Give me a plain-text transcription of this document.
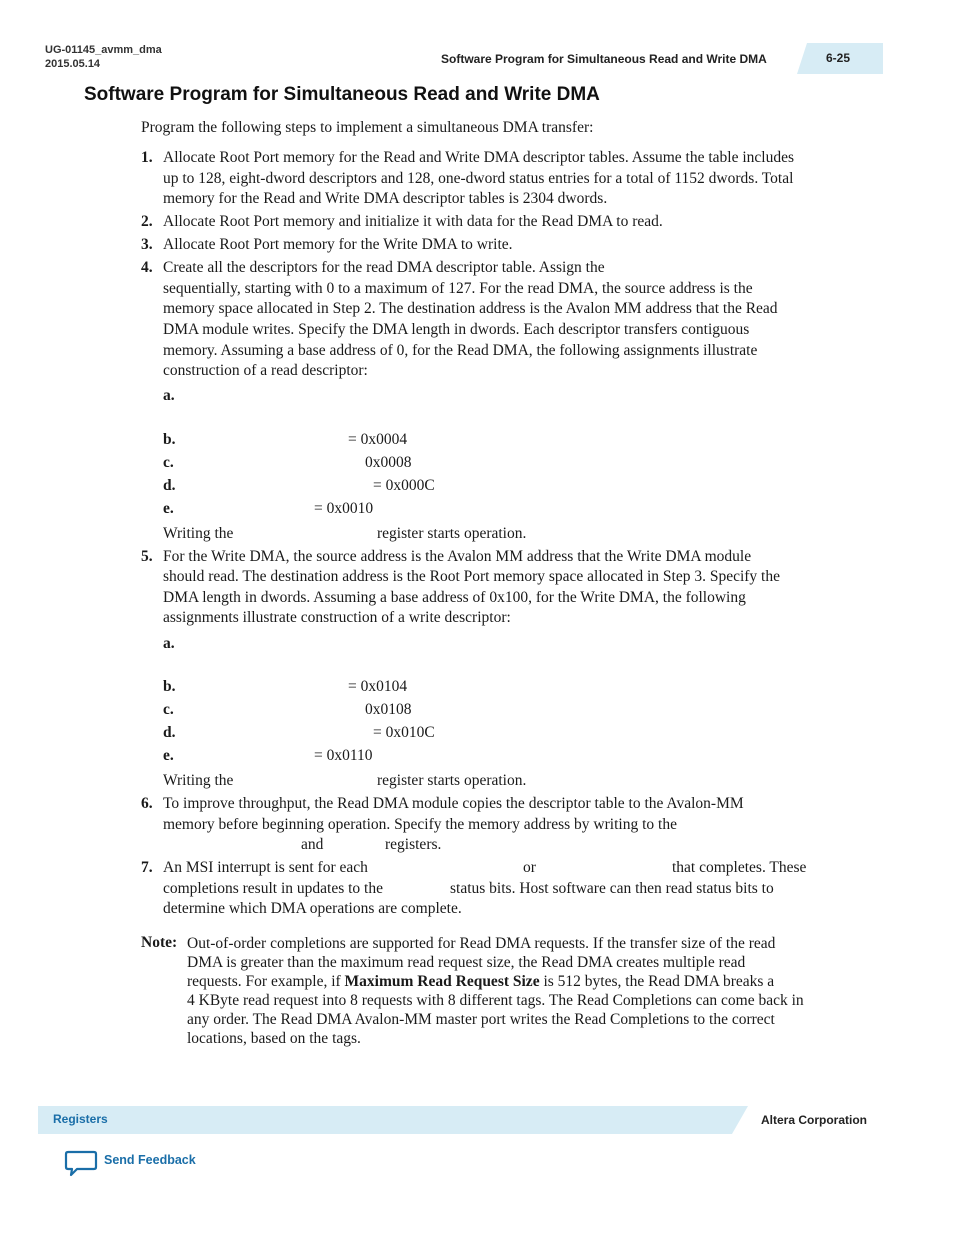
UG-01145_avmm_dma
2015.05.14	Software Program for Simultaneous Read and Write DMA	6-25
Software Program for Simultaneous Read and Write DMA
Program the following steps to implement a simultaneous DMA transfer:
1. Allocate Root Port memory for the Read and Write DMA descriptor tables. Assume the table includes
up to 128, eight-dword descriptors and 128, one-dword status entries for a total of 1152 dwords. Total
memory for the Read and Write DMA descriptor tables is 2304 dwords.
2. Allocate Root Port memory and initialize it with data for the Read DMA to read.
3. Allocate Root Port memory for the Write DMA to write.
4. Create all the descriptors for the read DMA descriptor table. Assign the
sequentially, starting with 0 to a maximum of 127. For the read DMA, the source address is the
memory space allocated in Step 2. The destination address is the Avalon MM address that the Read
DMA module writes. Specify the DMA length in dwords. Each descriptor transfers contiguous
memory. Assuming a base address of 0, for the Read DMA, the following assignments illustrate
construction of a read descriptor:
a.
b.	= 0x0004
c.	0x0008
d.	= 0x000C
e.	= 0x0010
Writing the	register starts operation.
5. For the Write DMA, the source address is the Avalon MM address that the Write DMA module
should read. The destination address is the Root Port memory space allocated in Step 3. Specify the
DMA length in dwords. Assuming a base address of 0x100, for the Write DMA, the following
assignments illustrate construction of a write descriptor:
a.
b.	= 0x0104
c.	0x0108
d.	= 0x010C
e.	= 0x0110
Writing the	register starts operation.
6. To improve throughput, the Read DMA module copies the descriptor table to the Avalon-MM
memory before beginning operation. Specify the memory address by writing to the
and	registers.
7. An MSI interrupt is sent for each	or	that completes. These
completions result in updates to the	status bits. Host software can then read status bits to
determine which DMA operations are complete.
Note: Out-of-order completions are supported for Read DMA requests. If the transfer size of the read
DMA is greater than the maximum read request size, the Read DMA creates multiple read
requests. For example, if Maximum Read Request Size is 512 bytes, the Read DMA breaks a
4 KByte read request into 8 requests with 8 different tags. The Read Completions can come back in
any order. The Read DMA Avalon-MM master port writes the Read Completions to the correct
locations, based on the tags.
Registers	Altera Corporation
Send Feedback
